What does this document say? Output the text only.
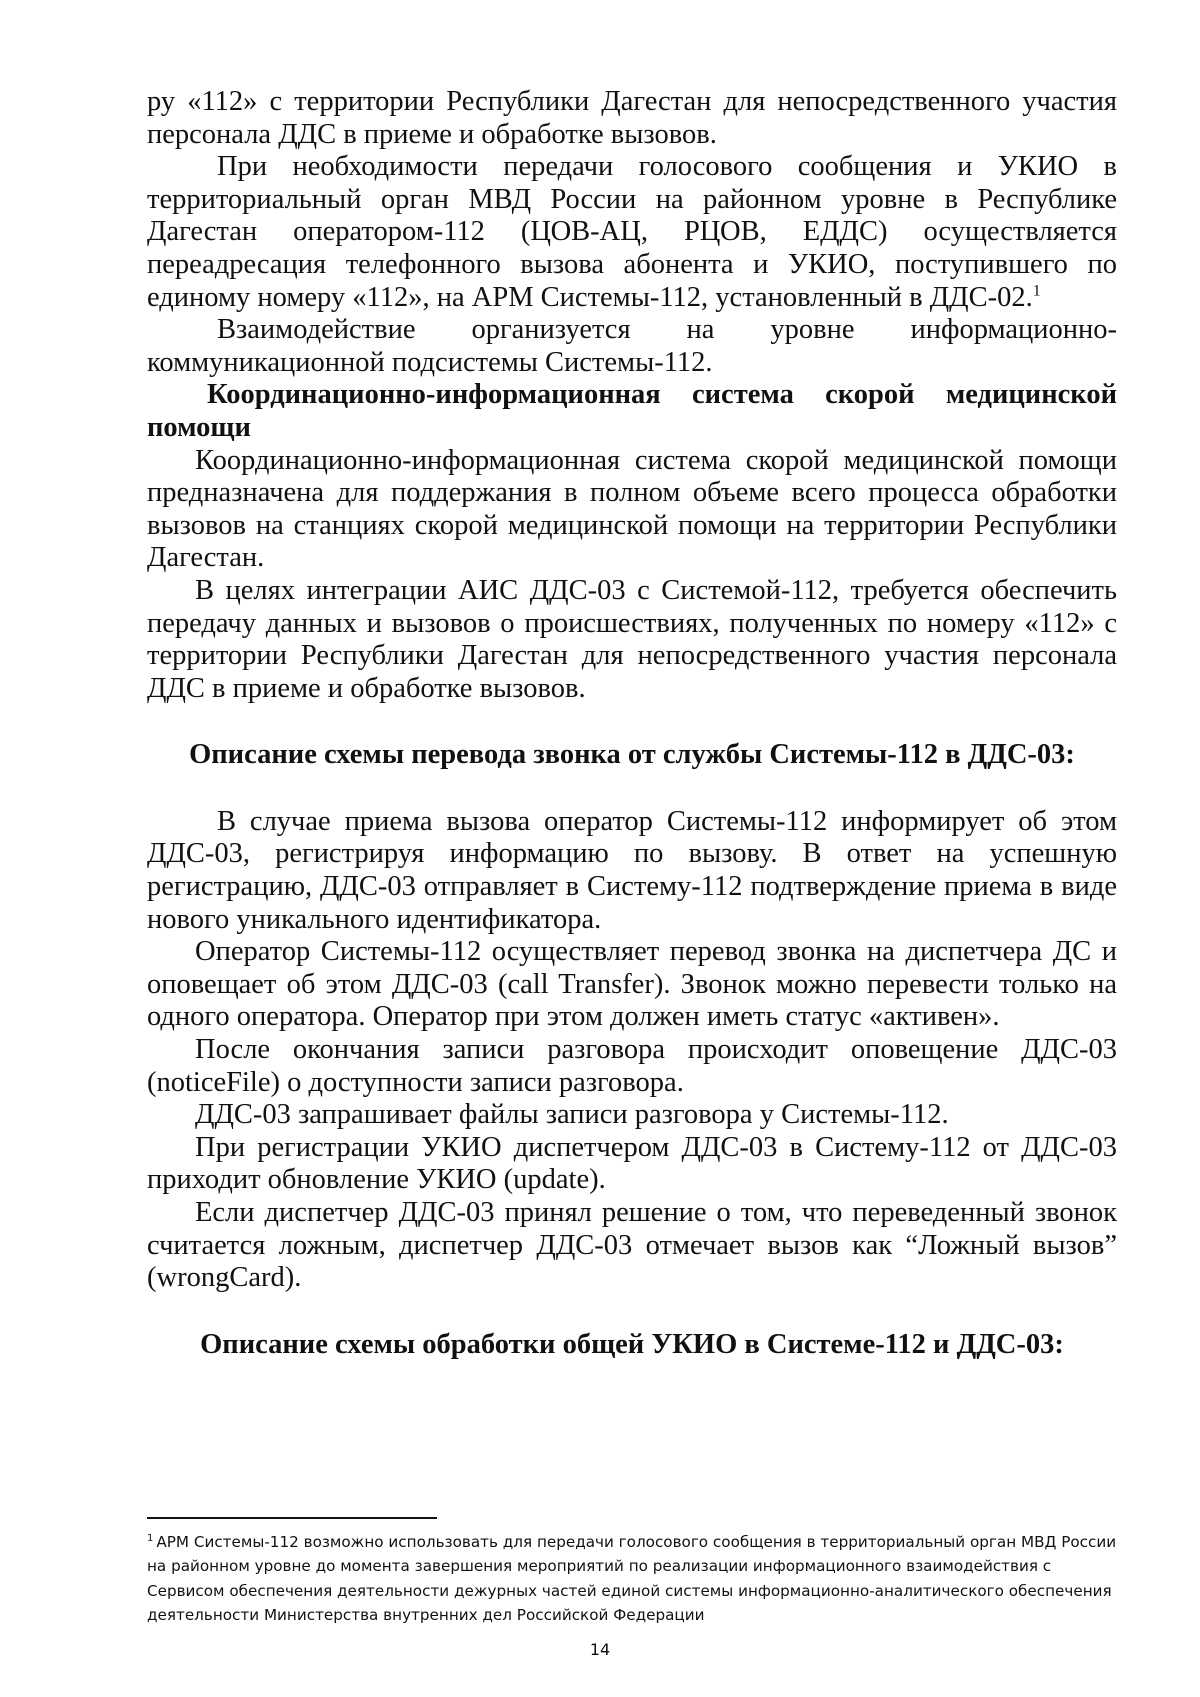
ру «112» с территории Республики Дагестан для непосредственного участия персонала ДДС в приеме и обработке вызовов.

При необходимости передачи голосового сообщения и УКИО в территориальный орган МВД России на районном уровне в Республике Дагестан оператором-112 (ЦОВ-АЦ, РЦОВ, ЕДДС) осуществляется переадресация телефонного вызова абонента и УКИО, поступившего по единому номеру «112», на АРМ Системы-112, установленный в ДДС-02.$^1$

Взаимодействие организуется на уровне информационно-коммуникационной подсистемы Системы-112.

Координационно-информационная система скорой медицинской помощи

Координационно-информационная система скорой медицинской помощи предназначена для поддержания в полном объеме всего процесса обработки вызовов на станциях скорой медицинской помощи на территории Республики Дагестан.

В целях интеграции АИС ДДС-03 с Системой-112, требуется обеспечить передачу данных и вызовов о происшествиях, полученных по номеру «112» с территории Республики Дагестан для непосредственного участия персонала ДДС в приеме и обработке вызовов.

Описание схемы перевода звонка от службы Системы-112 в ДДС-03:

В случае приема вызова оператор Системы-112 информирует об этом ДДС-03, регистрируя информацию по вызову. В ответ на успешную регистрацию, ДДС-03 отправляет в Систему-112 подтверждение приема в виде нового уникального идентификатора.

Оператор Системы-112 осуществляет перевод звонка на диспетчера ДС и оповещает об этом ДДС-03 (call Transfer). Звонок можно перевести только на одного оператора. Оператор при этом должен иметь статус «активен».

После окончания записи разговора происходит оповещение ДДС-03 (noticeFile) о доступности записи разговора.

ДДС-03 запрашивает файлы записи разговора у Системы-112.

При регистрации УКИО диспетчером ДДС-03 в Систему-112 от ДДС-03 приходит обновление УКИО (update).

Если диспетчер ДДС-03 принял решение о том, что переведенный звонок считается ложным, диспетчер ДДС-03 отмечает вызов как “Ложный вызов” (wrongCard).

Описание схемы обработки общей УКИО в Системе-112 и ДДС-03:
$^1$ АРМ Системы-112 возможно использовать для передачи голосового сообщения в территориальный орган МВД России на районном уровне до момента завершения мероприятий по реализации информационного взаимодействия с Сервисом обеспечения деятельности дежурных частей единой системы информационно-аналитического обеспечения деятельности Министерства внутренних дел Российской Федерации
14
